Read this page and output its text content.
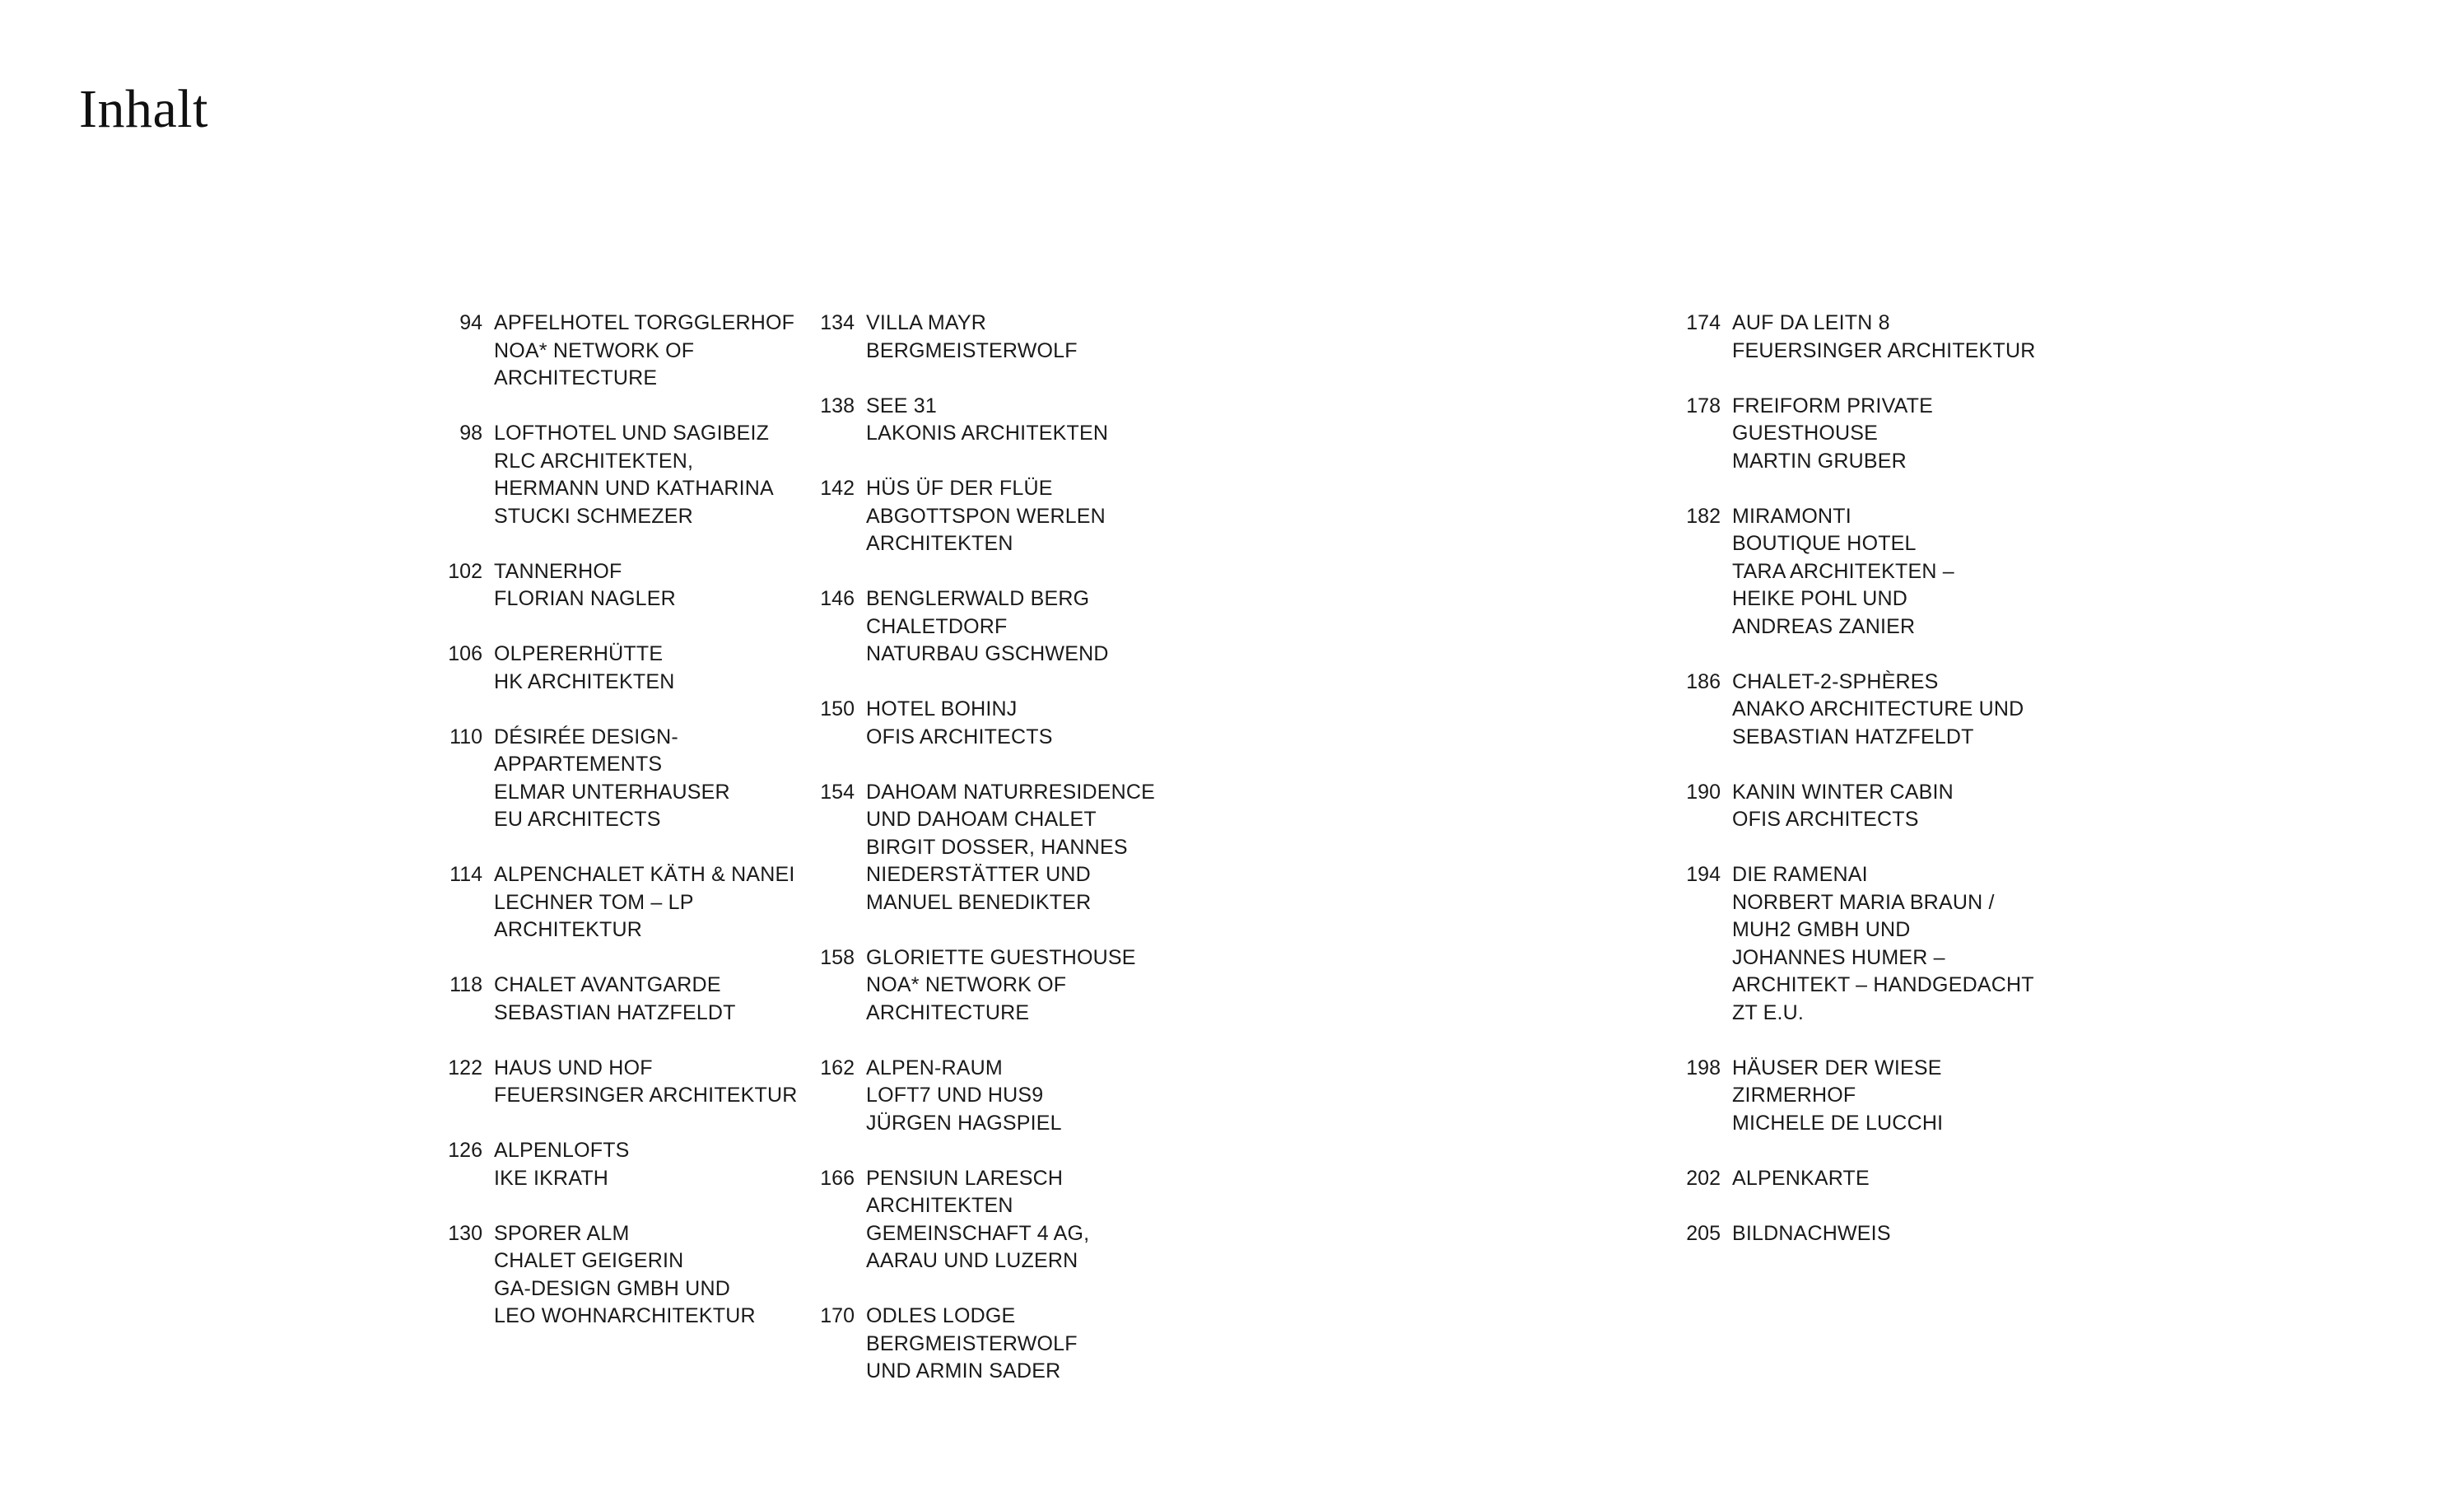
Inhalt
94 APFELHOTEL TORGGLERHOF
NOA* NETWORK OF
ARCHITECTURE
98 LOFTHOTEL UND SAGIBEIZ
RLC ARCHITEKTEN,
HERMANN UND KATHARINA
STUCKI SCHMEZER
102 TANNERHOF
FLORIAN NAGLER
106 OLPERERHÜTTE
HK ARCHITEKTEN
110 DÉSIRÉE DESIGN-
APPARTEMENTS
ELMAR UNTERHAUSER
EU ARCHITECTS
114 ALPENCHALET KÄTH & NANEI
LECHNER TOM – LP
ARCHITEKTUR
118 CHALET AVANTGARDE
SEBASTIAN HATZFELDT
122 HAUS UND HOF
FEUERSINGER ARCHITEKTUR
126 ALPENLOFTS
IKE IKRATH
130 SPORER ALM
CHALET GEIGERIN
GA-DESIGN GMBH UND
LEO WOHNARCHITEKTUR
134 VILLA MAYR
BERGMEISTERWOLF
138 SEE 31
LAKONIS ARCHITEKTEN
142 HÜS ÜF DER FLÜE
ABGOTTSPON WERLEN
ARCHITEKTEN
146 BENGLERWALD BERG
CHALETDORF
NATURBAU GSCHWEND
150 HOTEL BOHINJ
OFIS ARCHITECTS
154 DAHOAM NATURRESIDENCE
UND DAHOAM CHALET
BIRGIT DOSSER, HANNES
NIEDERSTÄTTER UND
MANUEL BENEDIKTER
158 GLORIETTE GUESTHOUSE
NOA* NETWORK OF
ARCHITECTURE
162 ALPEN-RAUM
LOFT7 UND HUS9
JÜRGEN HAGSPIEL
166 PENSIUN LARESCH
ARCHITEKTEN
GEMEINSCHAFT 4 AG,
AARAU UND LUZERN
170 ODLES LODGE
BERGMEISTERWOLF
UND ARMIN SADER
174 AUF DA LEITN 8
FEUERSINGER ARCHITEKTUR
178 FREIFORM PRIVATE
GUESTHOUSE
MARTIN GRUBER
182 MIRAMONTI
BOUTIQUE HOTEL
TARA ARCHITEKTEN –
HEIKE POHL UND
ANDREAS ZANIER
186 CHALET-2-SPHÈRES
ANAKO ARCHITECTURE UND
SEBASTIAN HATZFELDT
190 KANIN WINTER CABIN
OFIS ARCHITECTS
194 DIE RAMENAI
NORBERT MARIA BRAUN /
MUH2 GMBH UND
JOHANNES HUMER –
ARCHITEKT – HANDGEDACHT
ZT E.U.
198 HÄUSER DER WIESE
ZIRMERHOF
MICHELE DE LUCCHI
202 ALPENKARTE
205 BILDNACHWEIS
